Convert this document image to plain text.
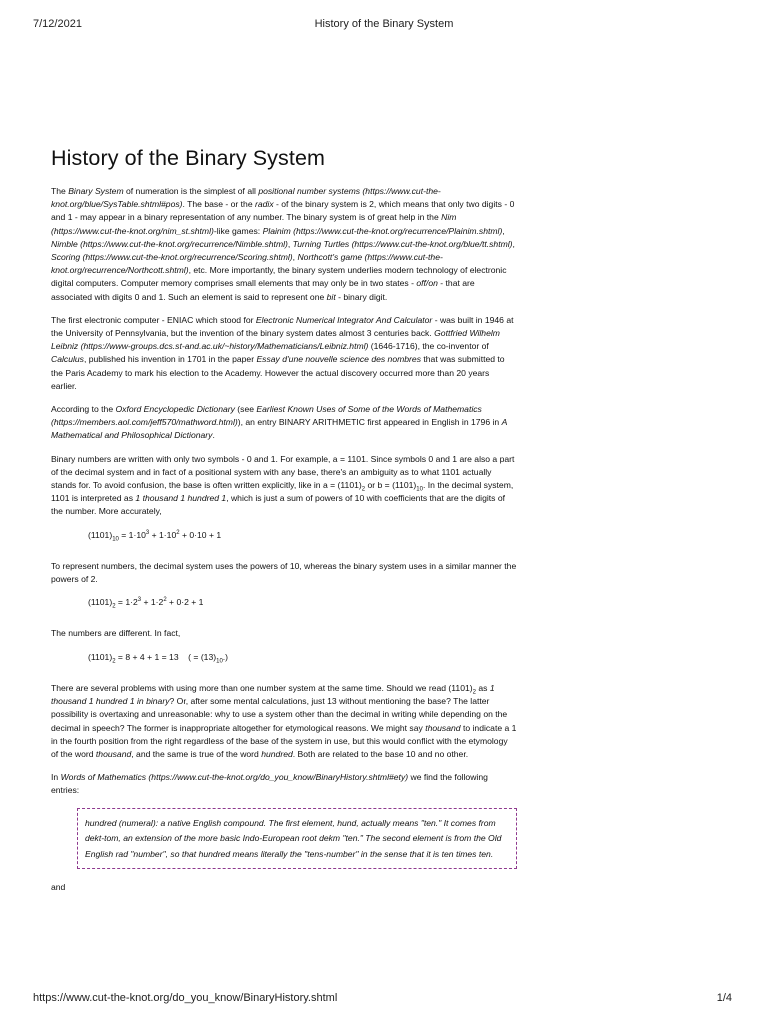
7/12/2021	History of the Binary System
History of the Binary System

The Binary System of numeration is the simplest of all positional number systems (https://www.cut-the-knot.org/blue/SysTable.shtml#pos). The base - or the radix - of the binary system is 2, which means that only two digits - 0 and 1 - may appear in a binary representation of any number. The binary system is of great help in the Nim (https://www.cut-the-knot.org/nim_st.shtml)-like games: Plainim (https://www.cut-the-knot.org/recurrence/Plainim.shtml), Nimble (https://www.cut-the-knot.org/recurrence/Nimble.shtml), Turning Turtles (https://www.cut-the-knot.org/blue/tt.shtml), Scoring (https://www.cut-the-knot.org/recurrence/Scoring.shtml), Northcott's game (https://www.cut-the-knot.org/recurrence/Northcott.shtml), etc. More importantly, the binary system underlies modern technology of electronic digital computers. Computer memory comprises small elements that may only be in two states - off/on - that are associated with digits 0 and 1. Such an element is said to represent one bit - binary digit.

The first electronic computer - ENIAC which stood for Electronic Numerical Integrator And Calculator - was built in 1946 at the University of Pennsylvania, but the invention of the binary system dates almost 3 centuries back. Gottfried Wilhelm Leibniz (https://www-groups.dcs.st-and.ac.uk/~history/Mathematicians/Leibniz.html) (1646-1716), the co-inventor of Calculus, published his invention in 1701 in the paper Essay d'une nouvelle science des nombres that was submitted to the Paris Academy to mark his election to the Academy. However the actual discovery occurred more than 20 years earlier.

According to the Oxford Encyclopedic Dictionary (see Earliest Known Uses of Some of the Words of Mathematics (https://members.aol.com/jeff570/mathword.html)), an entry BINARY ARITHMETIC first appeared in English in 1796 in A Mathematical and Philosophical Dictionary.

Binary numbers are written with only two symbols - 0 and 1. For example, a = 1101. Since symbols 0 and 1 are also a part of the decimal system and in fact of a positional system with any base, there's an ambiguity as to what 1101 actually stands for. To avoid confusion, the base is often written explicitly, like in $a = (1101)_2$ or $b = (1101)_{10}$. In the decimal system, 1101 is interpreted as 1 thousand 1 hundred 1, which is just a sum of powers of 10 with coefficients that are the digits of the number. More accurately,

$(1101)_{10} = 1\cdot 10^3 + 1\cdot 10^2 + 0\cdot 10 + 1$

To represent numbers, the decimal system uses the powers of 10, whereas the binary system uses in a similar manner the powers of 2.

$(1101)_2 = 1\cdot 2^3 + 1\cdot 2^2 + 0\cdot 2 + 1$

The numbers are different. In fact,

$(1101)_2 = 8 + 4 + 1 = 13$    ( = $(13)_{10}$.)

There are several problems with using more than one number system at the same time. Should we read $(1101)_2$ as 1 thousand 1 hundred 1 in binary? Or, after some mental calculations, just 13 without mentioning the base? The latter possibility is overtaxing and unreasonable: why to use a system other than the decimal in writing while depending on the decimal in speech? The former is inappropriate altogether for etymological reasons. We might say thousand to indicate a 1 in the fourth position from the right regardless of the base of the system in use, but this would conflict with the etymology of the word thousand, and the same is true of the word hundred. Both are related to the base 10 and no other.

In Words of Mathematics (https://www.cut-the-knot.org/do_you_know/BinaryHistory.shtml#ety) we find the following entries:

hundred (numeral): a native English compound. The first element, hund, actually means "ten." It comes from dekt-tom, an extension of the more basic Indo-European root dekm "ten." The second element is from the Old English rad "number", so that hundred means literally the "tens-number" in the sense that it is ten times ten.

and

https://www.cut-the-knot.org/do_you_know/BinaryHistory.shtml	1/4
